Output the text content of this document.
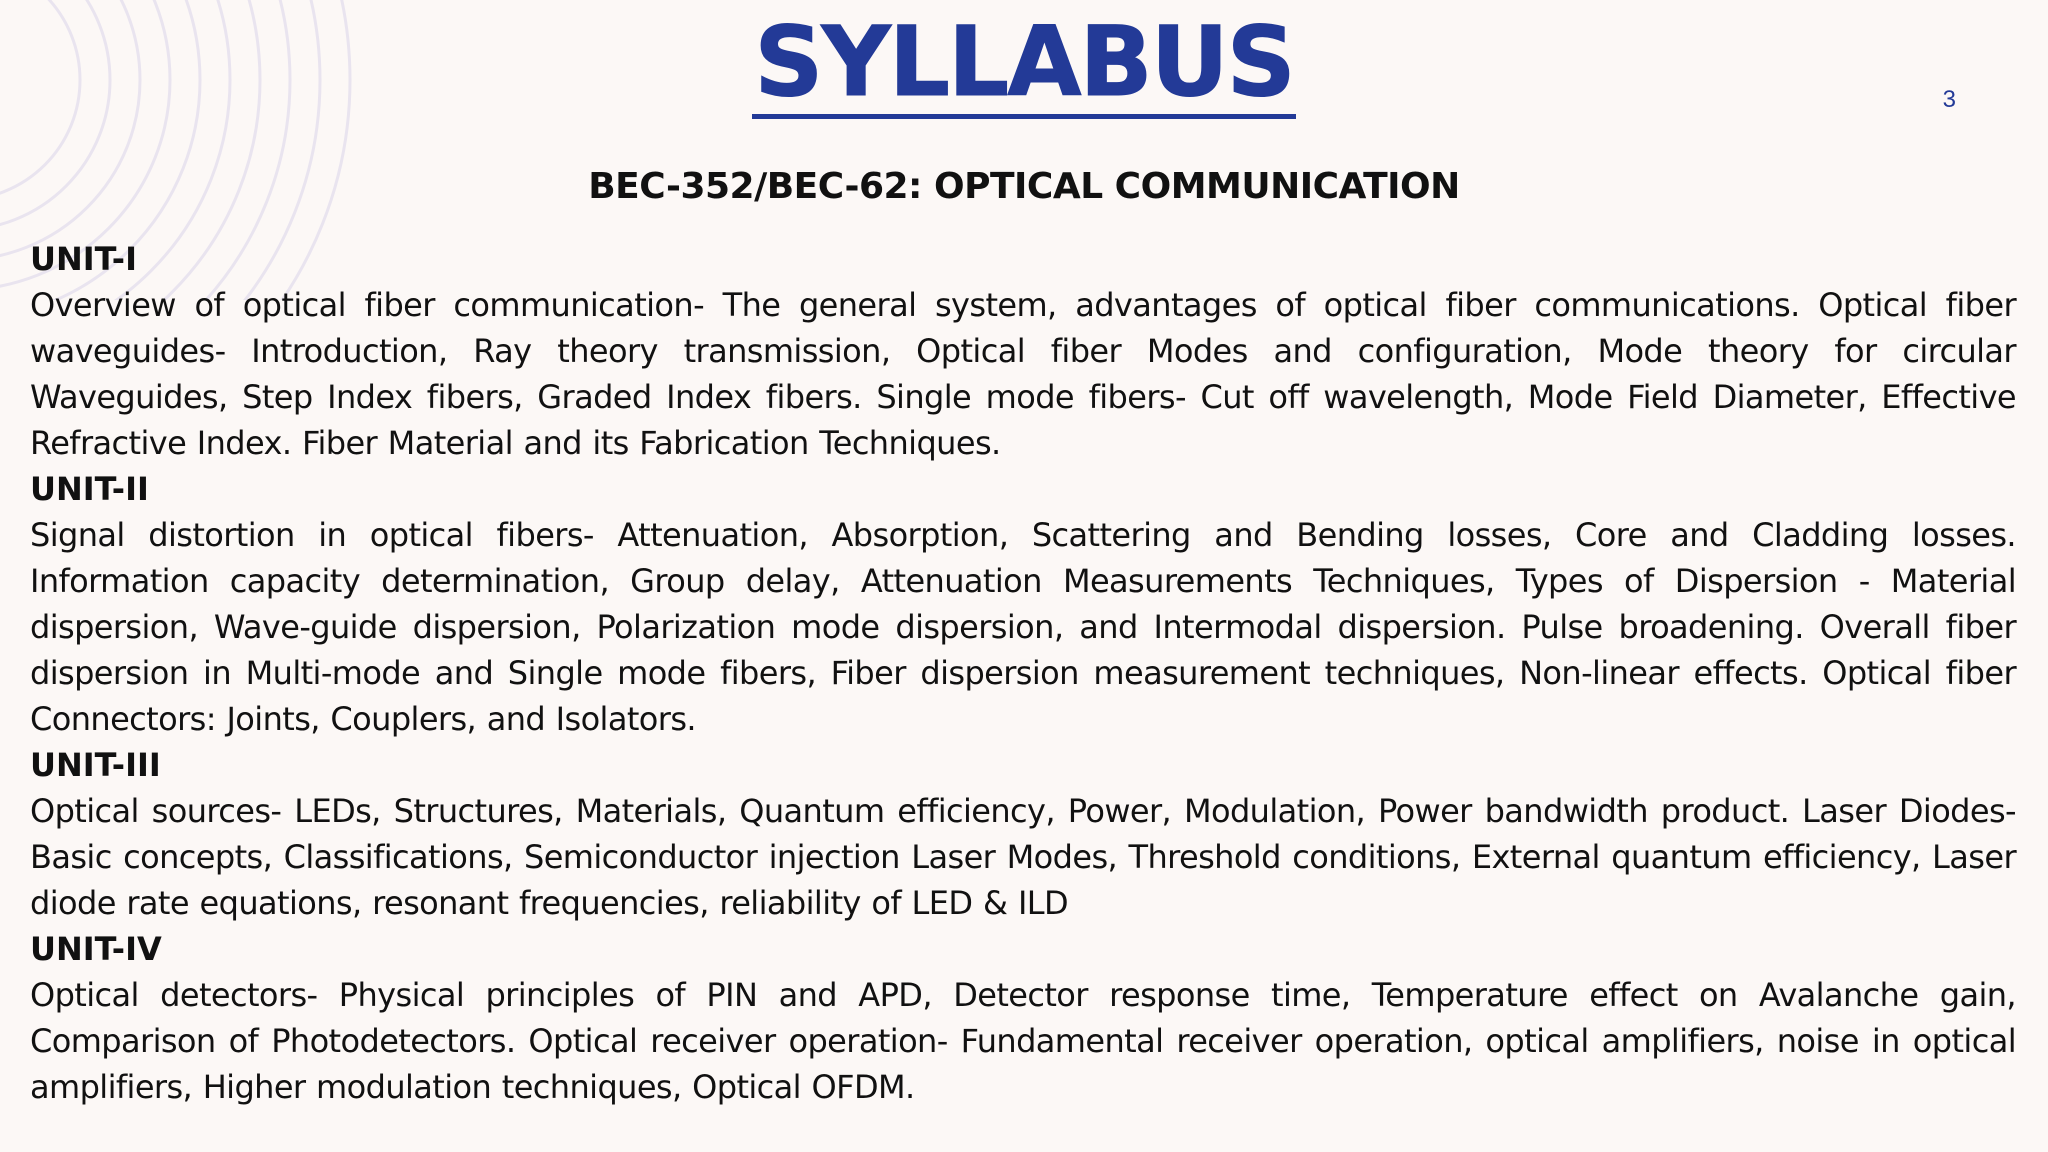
SYLLABUS	3
BEC-352/BEC-62: OPTICAL COMMUNICATION

UNIT-I

Overview of optical fiber communication- The general system, advantages of optical fiber communications. Optical fiber waveguides- Introduction, Ray theory transmission, Optical fiber Modes and configuration, Mode theory for circular Waveguides, Step Index fibers, Graded Index fibers. Single mode fibers- Cut off wavelength, Mode Field Diameter, Effective Refractive Index. Fiber Material and its Fabrication Techniques.

UNIT-II

Signal distortion in optical fibers- Attenuation, Absorption, Scattering and Bending losses, Core and Cladding losses. Information capacity determination, Group delay, Attenuation Measurements Techniques, Types of Dispersion - Material dispersion, Wave-guide dispersion, Polarization mode dispersion, and Intermodal dispersion. Pulse broadening. Overall fiber dispersion in Multi-mode and Single mode fibers, Fiber dispersion measurement techniques, Non-linear effects. Optical fiber Connectors: Joints, Couplers, and Isolators.

UNIT-III

Optical sources- LEDs, Structures, Materials, Quantum efficiency, Power, Modulation, Power bandwidth product. Laser Diodes- Basic concepts, Classifications, Semiconductor injection Laser Modes, Threshold conditions, External quantum efficiency, Laser diode rate equations, resonant frequencies, reliability of LED & ILD

UNIT-IV

Optical detectors- Physical principles of PIN and APD, Detector response time, Temperature effect on Avalanche gain, Comparison of Photodetectors. Optical receiver operation- Fundamental receiver operation, optical amplifiers, noise in optical amplifiers, Higher modulation techniques, Optical OFDM.
